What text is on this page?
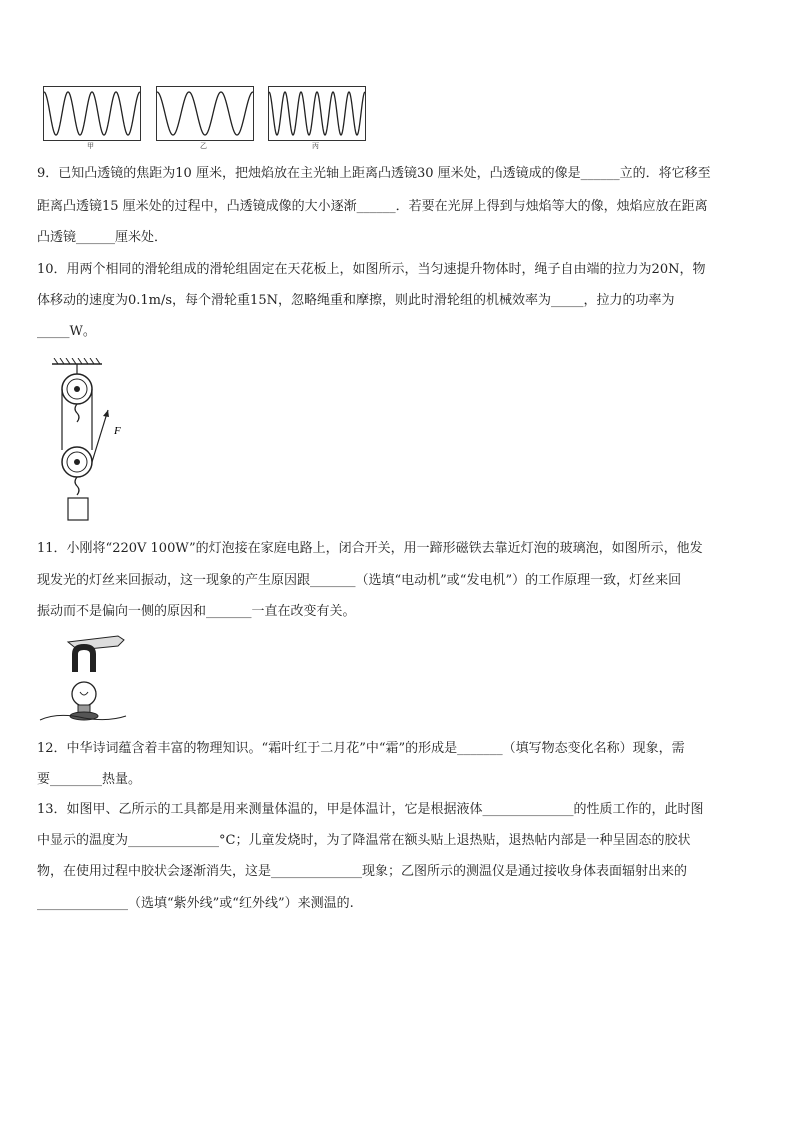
甲	乙	丙
9．已知凸透镜的焦距为10 厘米，把烛焰放在主光轴上距离凸透镜30 厘米处，凸透镜成的像是______立的．将它移至
距离凸透镜15 厘米处的过程中，凸透镜成像的大小逐渐______．若要在光屏上得到与烛焰等大的像，烛焰应放在距离
凸透镜______厘米处．
10．用两个相同的滑轮组成的滑轮组固定在天花板上，如图所示，当匀速提升物体时，绳子自由端的拉力为20N，物
体移动的速度为0.1m/s，每个滑轮重15N，忽略绳重和摩擦，则此时滑轮组的机械效率为_____，拉力的功率为
_____W。
F
11．小刚将“220V 100W”的灯泡接在家庭电路上，闭合开关，用一蹄形磁铁去靠近灯泡的玻璃泡，如图所示，他发
现发光的灯丝来回振动，这一现象的产生原因跟_______（选填“电动机”或“发电机”）的工作原理一致，灯丝来回
振动而不是偏向一侧的原因和_______一直在改变有关。
12．中华诗词蕴含着丰富的物理知识。“霜叶红于二月花”中“霜”的形成是_______（填写物态变化名称）现象，需
要________热量。
13．如图甲、乙所示的工具都是用来测量体温的，甲是体温计，它是根据液体______________的性质工作的，此时图
中显示的温度为______________°C；儿童发烧时，为了降温常在额头贴上退热贴，退热帖内部是一种呈固态的胶状
物，在使用过程中胶状会逐渐消失，这是______________现象；乙图所示的测温仪是通过接收身体表面辐射出来的
______________（选填“紫外线”或“红外线”）来测温的.
